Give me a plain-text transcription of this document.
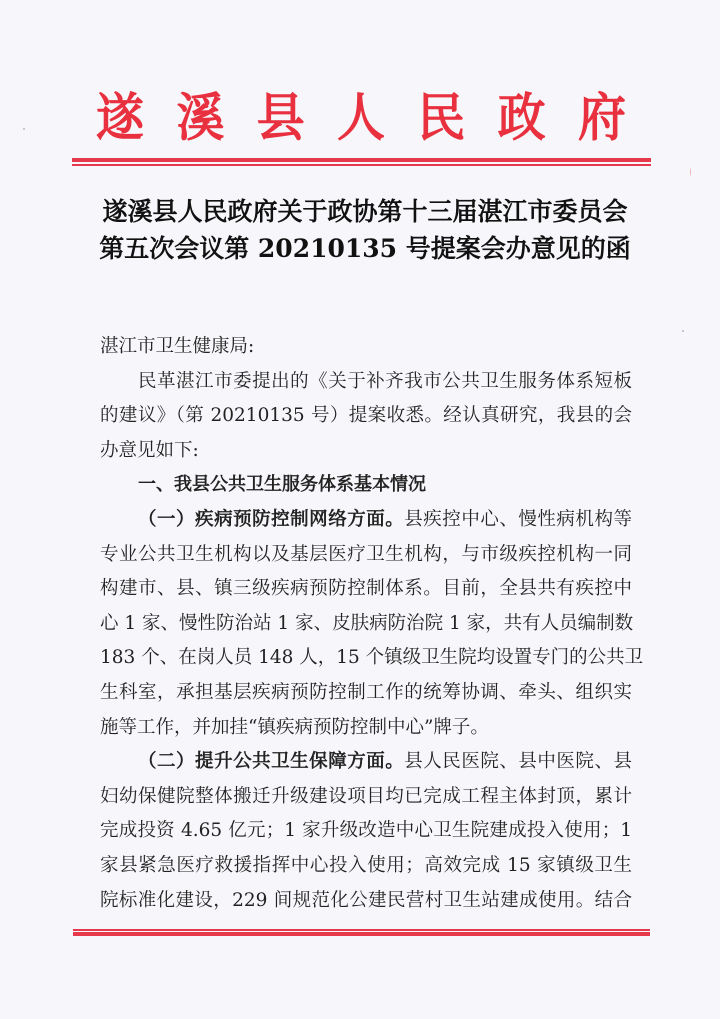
遂 溪 县 人 民 政 府
遂溪县人民政府关于政协第十三届湛江市委员会
第五次会议第 20210135 号提案会办意见的函
湛江市卫生健康局:
民革湛江市委提出的《关于补齐我市公共卫生服务体系短板
的建议》（第 20210135 号）提案收悉。经认真研究，我县的会
办意见如下:
一、我县公共卫生服务体系基本情况
（一）疾病预防控制网络方面。县疾控中心、慢性病机构等
专业公共卫生机构以及基层医疗卫生机构，与市级疾控机构一同
构建市、县、镇三级疾病预防控制体系。目前，全县共有疾控中
心 1 家、慢性防治站 1 家、皮肤病防治院 1 家，共有人员编制数
183 个、在岗人员 148 人，15 个镇级卫生院均设置专门的公共卫
生科室，承担基层疾病预防控制工作的统筹协调、牵头、组织实
施等工作，并加挂“镇疾病预防控制中心”牌子。
（二）提升公共卫生保障方面。县人民医院、县中医院、县
妇幼保健院整体搬迁升级建设项目均已完成工程主体封顶，累计
完成投资 4.65 亿元；1 家升级改造中心卫生院建成投入使用；1
家县紧急医疗救援指挥中心投入使用；高效完成 15 家镇级卫生
院标准化建设，229 间规范化公建民营村卫生站建成使用。结合
